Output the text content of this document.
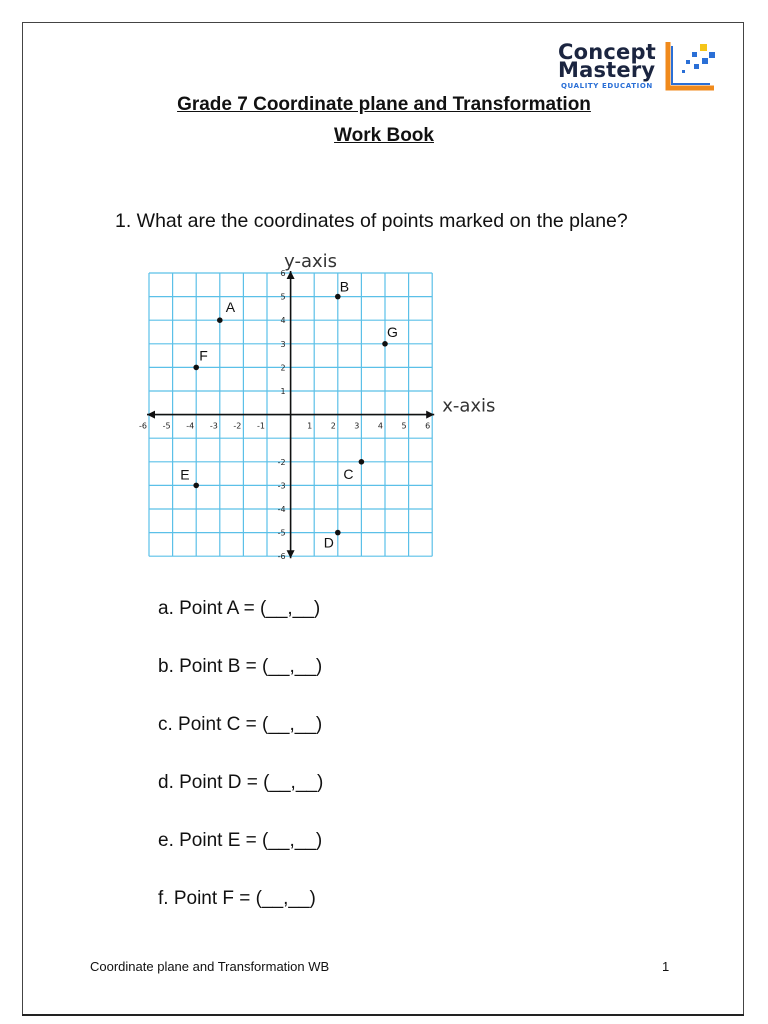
Concept
Mastery
QUALITY EDUCATION
Grade 7 Coordinate plane and Transformation
Work Book
1. What are the coordinates of points marked on the plane?
x-axis
y-axis
-6 -5 -4 -3 -2 -1	1 2 3 4 5 6
6
5
4
3
2
1
-2
-3
-4
-5
-6
A
B
G
F
C
E
D
a. Point A = (__,__)
b. Point B = (__,__)
c. Point C = (__,__)
d. Point D = (__,__)
e. Point E = (__,__)
f. Point F = (__,__)
Coordinate plane and Transformation WB	1
